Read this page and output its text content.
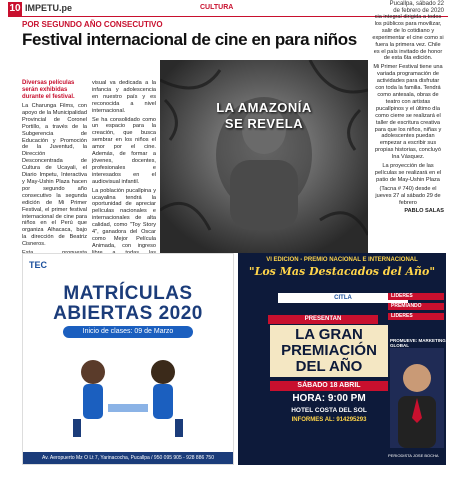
10 IMPETU.pe	CULTURA	Pucallpa, sábado 22
de febrero de 2020
POR SEGUNDO AÑO CONSECUTIVO
Festival internacional de cine en para niños

Diversas películas serán exhibidas durante el festival.

La Charunga Films, con apoyo de la Municipalidad Provincial de Coronel Portillo, a través de la Subgerencia de Educación y Promoción de la Juventud, la Dirección Desconcentrada de Cultura de Ucayali, el Diario Impetu, Interactiva y May-Ushin Plaza hacen por segundo año consecutivo la segunda edición de Mi Primer Festival, el primer festival internacional de cine para niños en el Perú que organiza Alhacaca, bajo la dirección de Beatriz Cisneros.

visual va dedicada a la infancia y adolescencia en nuestro país y es reconocida a nivel internacional.

Se ha consolidado como un espacio para la creación, que busca sembrar en los niños el amor por el cine. Además, de formar a jóvenes, docentes, profesionales e interesados en el audiovisual infantil.

La población pucallpina y ucayalina tendrá la oportunidad de apreciar películas nacionales e internacionales de alta calidad, como "Toy Story 4", ganadora del Oscar como Mejor Película Animada, con ingreso

LA AMAZONÍA
SE REVELA

cia integral dirigida a todos los públicos para movilizar, salir de lo cotidiano y experimentar el cine como si fuera la primera vez. Chile es el país invitado de honor de esta 6ta edición.

Mi Primer Festival tiene una variada programación de actividades para disfrutar con toda la familia. Tendrá como antesala, obras de teatro con artistas pucallpinos y el último día como cierre se realizará el taller de escritura creativa para que los niños, niñas y adolescentes puedan empezar a escribir sus propias historias, concluyó Ina Vásquez.

La proyección de las películas se realizará en el patio de May-Ushin Plaza

(Tacna # 740) desde el jueves 27 al sábado 29 de febrero

PABLO SALAS

TEC
MATRÍCULAS
ABIERTAS 2020
Inicio de clases: 09 de Marzo
Av. Aeropuerto Mz O Lt 7, Yarinacocha, Pucallpa / 950 095 905 - 928 886 750
VI EDICION - PREMIO NACIONAL E INTERNACIONAL
"Los Mas Destacados del Año"
CITLA
PRESENTAN
LA GRAN
PREMIACIÓN
DEL AÑO
SÁBADO 18 ABRIL
HORA: 9:00 PM
HOTEL COSTA DEL SOL
INFORMES AL: 914295293
LIDERES
PREMIANDO
LIDERES
PROMUEVE: MARKETING GLOBAL
PERIODISTA JOSE BOCHA
